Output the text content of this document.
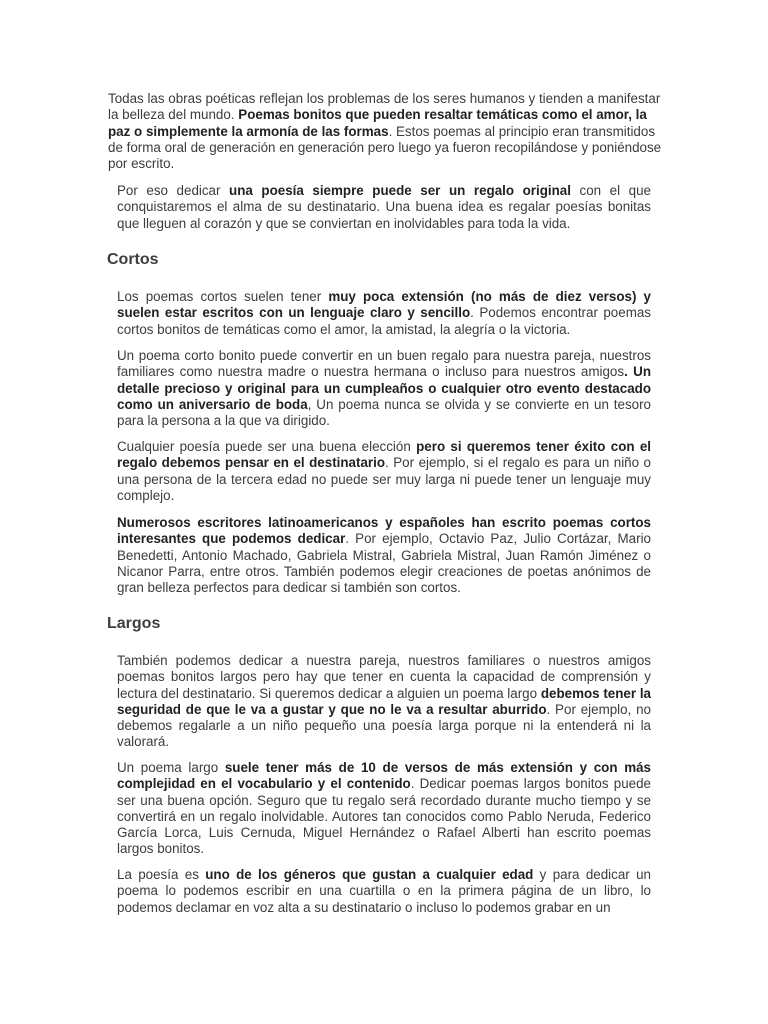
Todas las obras poéticas reflejan los problemas de los seres humanos y tienden a manifestar la belleza del mundo. Poemas bonitos que pueden resaltar temáticas como el amor, la paz o simplemente la armonía de las formas. Estos poemas al principio eran transmitidos de forma oral de generación en generación pero luego ya fueron recopilándose y poniéndose por escrito.

Por eso dedicar una poesía siempre puede ser un regalo original con el que conquistaremos el alma de su destinatario. Una buena idea es regalar poesías bonitas que lleguen al corazón y que se conviertan en inolvidables para toda la vida.

Cortos

Los poemas cortos suelen tener muy poca extensión (no más de diez versos) y suelen estar escritos con un lenguaje claro y sencillo. Podemos encontrar poemas cortos bonitos de temáticas como el amor, la amistad, la alegría o la victoria.

Un poema corto bonito puede convertir en un buen regalo para nuestra pareja, nuestros familiares como nuestra madre o nuestra hermana o incluso para nuestros amigos. Un detalle precioso y original para un cumpleaños o cualquier otro evento destacado como un aniversario de boda, Un poema nunca se olvida y se convierte en un tesoro para la persona a la que va dirigido.

Cualquier poesía puede ser una buena elección pero si queremos tener éxito con el regalo debemos pensar en el destinatario. Por ejemplo, si el regalo es para un niño o una persona de la tercera edad no puede ser muy larga ni puede tener un lenguaje muy complejo.

Numerosos escritores latinoamericanos y españoles han escrito poemas cortos interesantes que podemos dedicar. Por ejemplo, Octavio Paz, Julio Cortázar, Mario Benedetti, Antonio Machado, Gabriela Mistral, Gabriela Mistral, Juan Ramón Jiménez o Nicanor Parra, entre otros. También podemos elegir creaciones de poetas anónimos de gran belleza perfectos para dedicar si también son cortos.

Largos

También podemos dedicar a nuestra pareja, nuestros familiares o nuestros amigos poemas bonitos largos pero hay que tener en cuenta la capacidad de comprensión y lectura del destinatario. Si queremos dedicar a alguien un poema largo debemos tener la seguridad de que le va a gustar y que no le va a resultar aburrido. Por ejemplo, no debemos regalarle a un niño pequeño una poesía larga porque ni la entenderá ni la valorará.

Un poema largo suele tener más de 10 de versos de más extensión y con más complejidad en el vocabulario y el contenido. Dedicar poemas largos bonitos puede ser una buena opción. Seguro que tu regalo será recordado durante mucho tiempo y se convertirá en un regalo inolvidable. Autores tan conocidos como Pablo Neruda, Federico García Lorca, Luis Cernuda, Miguel Hernández o Rafael Alberti han escrito poemas largos bonitos.

La poesía es uno de los géneros que gustan a cualquier edad y para dedicar un poema lo podemos escribir en una cuartilla o en la primera página de un libro, lo podemos declamar en voz alta a su destinatario o incluso lo podemos grabar en un
